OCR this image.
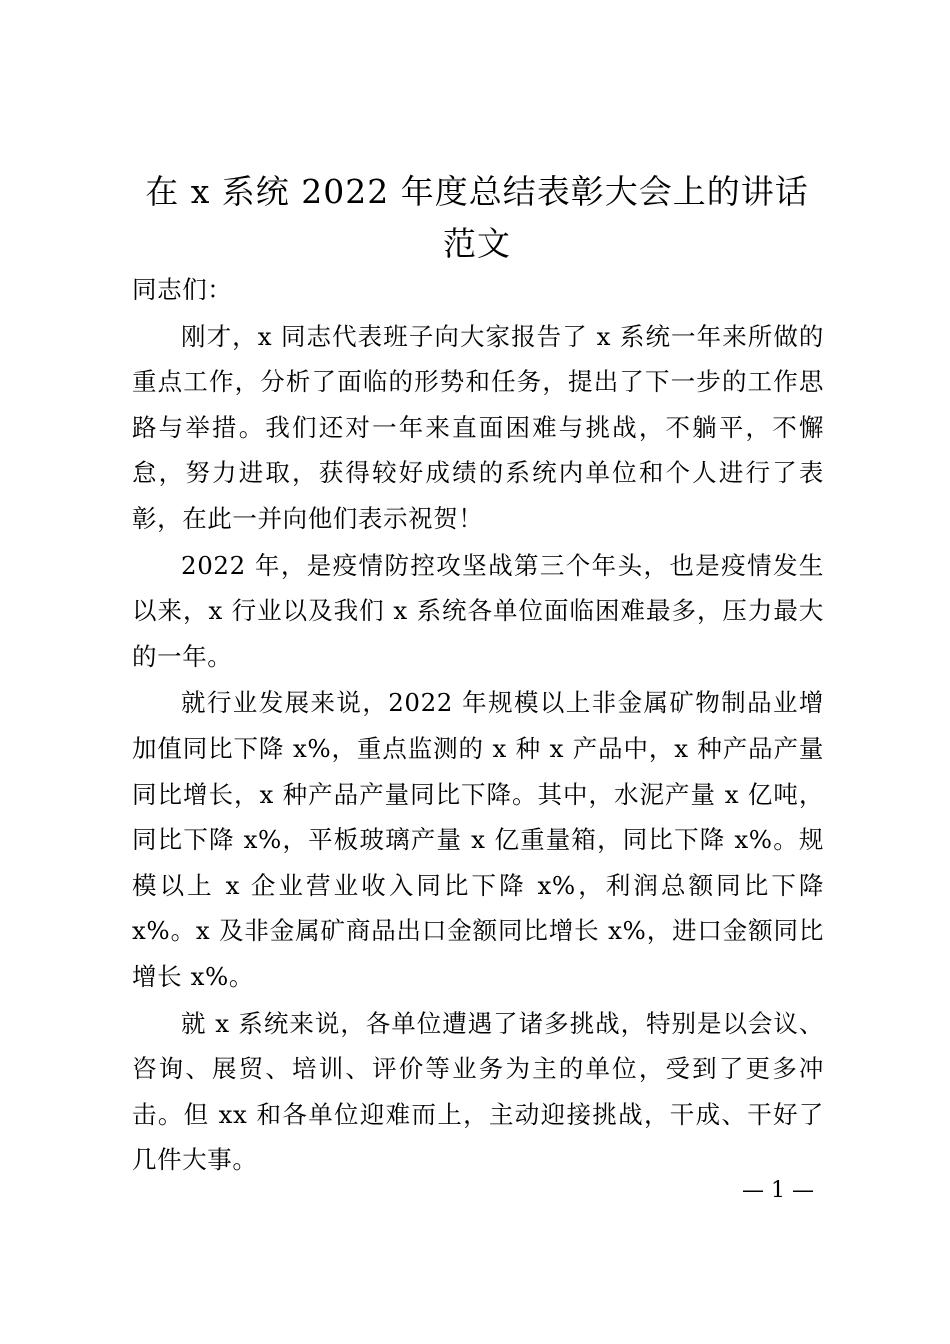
在 x 系统 2022 年度总结表彰大会上的讲话范文

同志们：

刚才，x 同志代表班子向大家报告了 x 系统一年来所做的重点工作，分析了面临的形势和任务，提出了下一步的工作思路与举措。我们还对一年来直面困难与挑战，不躺平，不懈怠，努力进取，获得较好成绩的系统内单位和个人进行了表彰，在此一并向他们表示祝贺！

2022 年，是疫情防控攻坚战第三个年头，也是疫情发生以来，x 行业以及我们 x 系统各单位面临困难最多，压力最大的一年。

就行业发展来说，2022 年规模以上非金属矿物制品业增加值同比下降 x%，重点监测的 x 种 x 产品中，x 种产品产量同比增长，x 种产品产量同比下降。其中，水泥产量 x 亿吨，同比下降 x%，平板玻璃产量 x 亿重量箱，同比下降 x%。规模以上 x 企业营业收入同比下降 x%，利润总额同比下降 x%。x 及非金属矿商品出口金额同比增长 x%，进口金额同比增长 x%。

就 x 系统来说，各单位遭遇了诸多挑战，特别是以会议、咨询、展贸、培训、评价等业务为主的单位，受到了更多冲击。但 xx 和各单位迎难而上，主动迎接挑战，干成、干好了几件大事。

— 1 —
